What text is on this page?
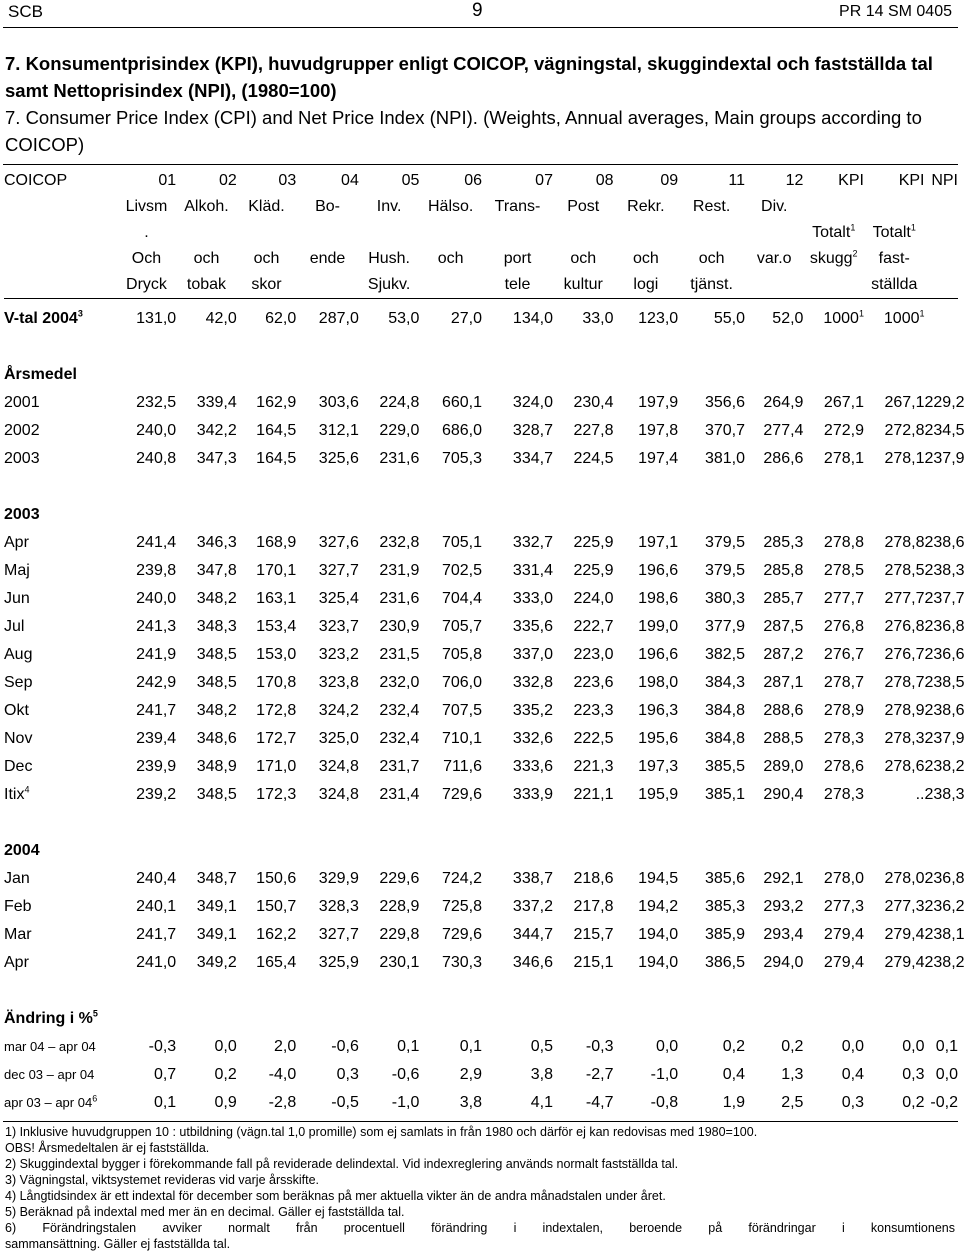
SCB	9	PR 14 SM 0405
7. Konsumentprisindex (KPI), huvudgrupper enligt COICOP, vägningstal, skuggindextal och fastställda tal samt Nettoprisindex (NPI), (1980=100)
7. Consumer Price Index (CPI) and Net Price Index (NPI). (Weights, Annual averages, Main groups according to COICOP)
COICOP	01	02	03	04	05	06	07	08	09	11	12	KPI	KPI	NPI
	Livsm	Alkoh.	Kläd.	Bo-	Inv.	Hälso.	Trans-	Post	Rekr.	Rest.	Div.			
	.											Totalt$^1$	Totalt$^1$	
	Och	och	och	ende	Hush.	och	port	och	och	och	var.o	skugg$^2$	fast-	
	Dryck	tobak	skor		Sjukv.		tele	kultur	logi	tjänst.			ställda	

V-tal 2004$^3$	131,0	42,0	62,0	287,0	53,0	27,0	134,0	33,0	123,0	55,0	52,0	1000$^1$	1000$^1$	

Årsmedel														
2001	232,5	339,4	162,9	303,6	224,8	660,1	324,0	230,4	197,9	356,6	264,9	267,1	267,1	229,2
2002	240,0	342,2	164,5	312,1	229,0	686,0	328,7	227,8	197,8	370,7	277,4	272,9	272,8	234,5
2003	240,8	347,3	164,5	325,6	231,6	705,3	334,7	224,5	197,4	381,0	286,6	278,1	278,1	237,9

2003														
Apr	241,4	346,3	168,9	327,6	232,8	705,1	332,7	225,9	197,1	379,5	285,3	278,8	278,8	238,6
Maj	239,8	347,8	170,1	327,7	231,9	702,5	331,4	225,9	196,6	379,5	285,8	278,5	278,5	238,3
Jun	240,0	348,2	163,1	325,4	231,6	704,4	333,0	224,0	198,6	380,3	285,7	277,7	277,7	237,7
Jul	241,3	348,3	153,4	323,7	230,9	705,7	335,6	222,7	199,0	377,9	287,5	276,8	276,8	236,8
Aug	241,9	348,5	153,0	323,2	231,5	705,8	337,0	223,0	196,6	382,5	287,2	276,7	276,7	236,6
Sep	242,9	348,5	170,8	323,8	232,0	706,0	332,8	223,6	198,0	384,3	287,1	278,7	278,7	238,5
Okt	241,7	348,2	172,8	324,2	232,4	707,5	335,2	223,3	196,3	384,8	288,6	278,9	278,9	238,6
Nov	239,4	348,6	172,7	325,0	232,4	710,1	332,6	222,5	195,6	384,8	288,5	278,3	278,3	237,9
Dec	239,9	348,9	171,0	324,8	231,7	711,6	333,6	221,3	197,3	385,5	289,0	278,6	278,6	238,2
Itix$^4$	239,2	348,5	172,3	324,8	231,4	729,6	333,9	221,1	195,9	385,1	290,4	278,3	..	238,3

2004														
Jan	240,4	348,7	150,6	329,9	229,6	724,2	338,7	218,6	194,5	385,6	292,1	278,0	278,0	236,8
Feb	240,1	349,1	150,7	328,3	228,9	725,8	337,2	217,8	194,2	385,3	293,2	277,3	277,3	236,2
Mar	241,7	349,1	162,2	327,7	229,8	729,6	344,7	215,7	194,0	385,9	293,4	279,4	279,4	238,1
Apr	241,0	349,2	165,4	325,9	230,1	730,3	346,6	215,1	194,0	386,5	294,0	279,4	279,4	238,2

Ändring i %$^5$
mar 04 – apr 04	-0,3	0,0	2,0	-0,6	0,1	0,1	0,5	-0,3	0,0	0,2	0,2	0,0	0,0	0,1
dec 03 – apr 04	0,7	0,2	-4,0	0,3	-0,6	2,9	3,8	-2,7	-1,0	0,4	1,3	0,4	0,3	0,0
apr 03 – apr $04^6$	0,1	0,9	-2,8	-0,5	-1,0	3,8	4,1	-4,7	-0,8	1,9	2,5	0,3	0,2	-0,2
1) Inklusive huvudgruppen 10 : utbildning (vägn.tal 1,0 promille) som ej samlats in från 1980 och därför ej kan redovisas med 1980=100.
OBS! Årsmedeltalen är ej fastställda.
2) Skuggindextal bygger i förekommande fall på reviderade delindextal. Vid indexreglering används normalt fastställda tal.
3) Vägningstal, viktsystemet revideras vid varje årsskifte.
4) Långtidsindex är ett indextal för december som beräknas på mer aktuella vikter än de andra månadstalen under året.
5) Beräknad på indextal med mer än en decimal. Gäller ej fastställda tal.
6) Förändringstalen avviker normalt från procentuell förändring i indextalen, beroende på förändringar i konsumtionens
sammansättning. Gäller ej fastställda tal.
